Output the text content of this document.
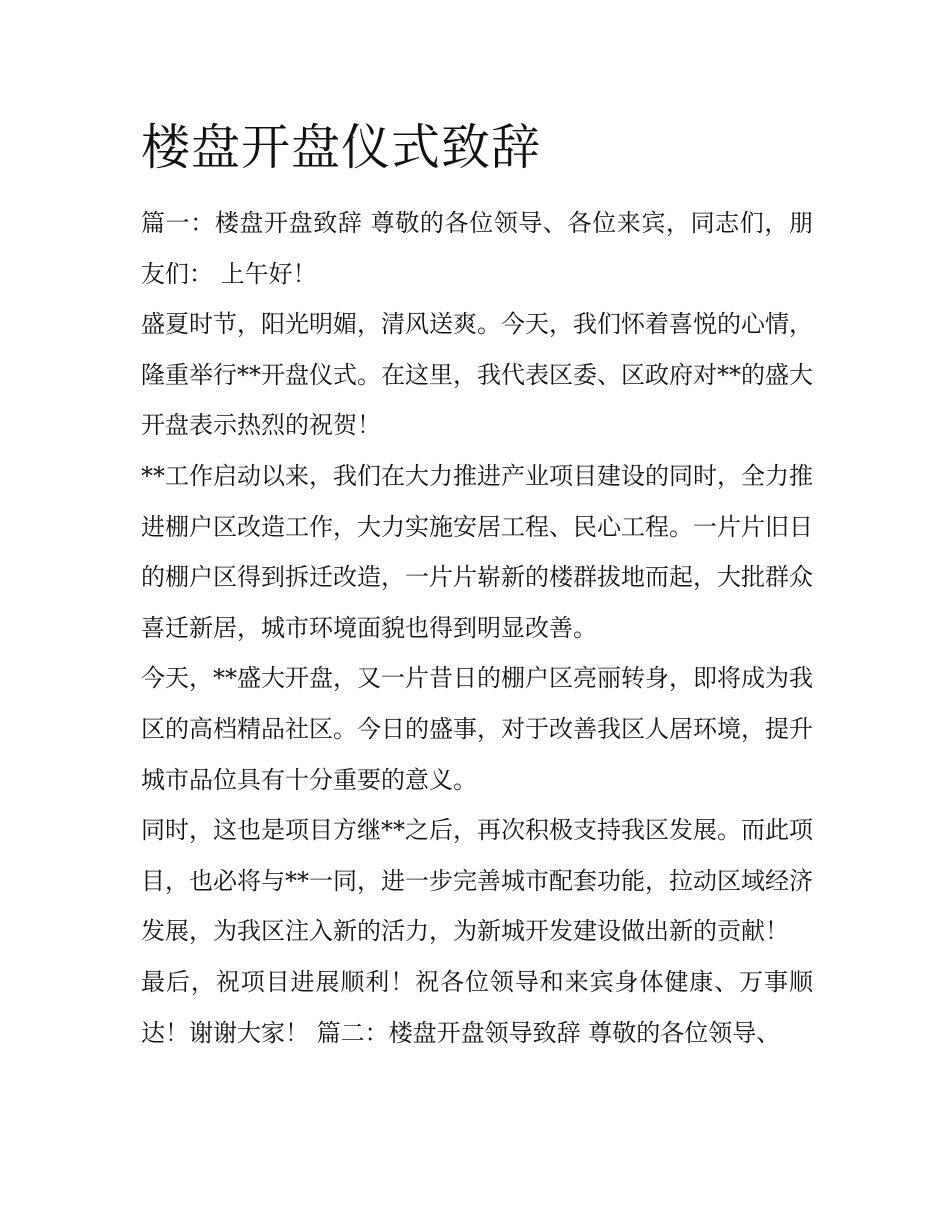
楼盘开盘仪式致辞

篇一：楼盘开盘致辞 尊敬的各位领导、各位来宾，同志们，朋友们： 上午好！

盛夏时节，阳光明媚，清风送爽。今天，我们怀着喜悦的心情，隆重举行**开盘仪式。在这里，我代表区委、区政府对**的盛大开盘表示热烈的祝贺！

**工作启动以来，我们在大力推进产业项目建设的同时，全力推进棚户区改造工作，大力实施安居工程、民心工程。一片片旧日的棚户区得到拆迁改造，一片片崭新的楼群拔地而起，大批群众喜迁新居，城市环境面貌也得到明显改善。

今天，**盛大开盘，又一片昔日的棚户区亮丽转身，即将成为我区的高档精品社区。今日的盛事，对于改善我区人居环境，提升城市品位具有十分重要的意义。

同时，这也是项目方继**之后，再次积极支持我区发展。而此项目，也必将与**一同，进一步完善城市配套功能，拉动区域经济发展，为我区注入新的活力，为新城开发建设做出新的贡献！

最后，祝项目进展顺利！祝各位领导和来宾身体健康、万事顺达！谢谢大家！ 篇二：楼盘开盘领导致辞 尊敬的各位领导、
